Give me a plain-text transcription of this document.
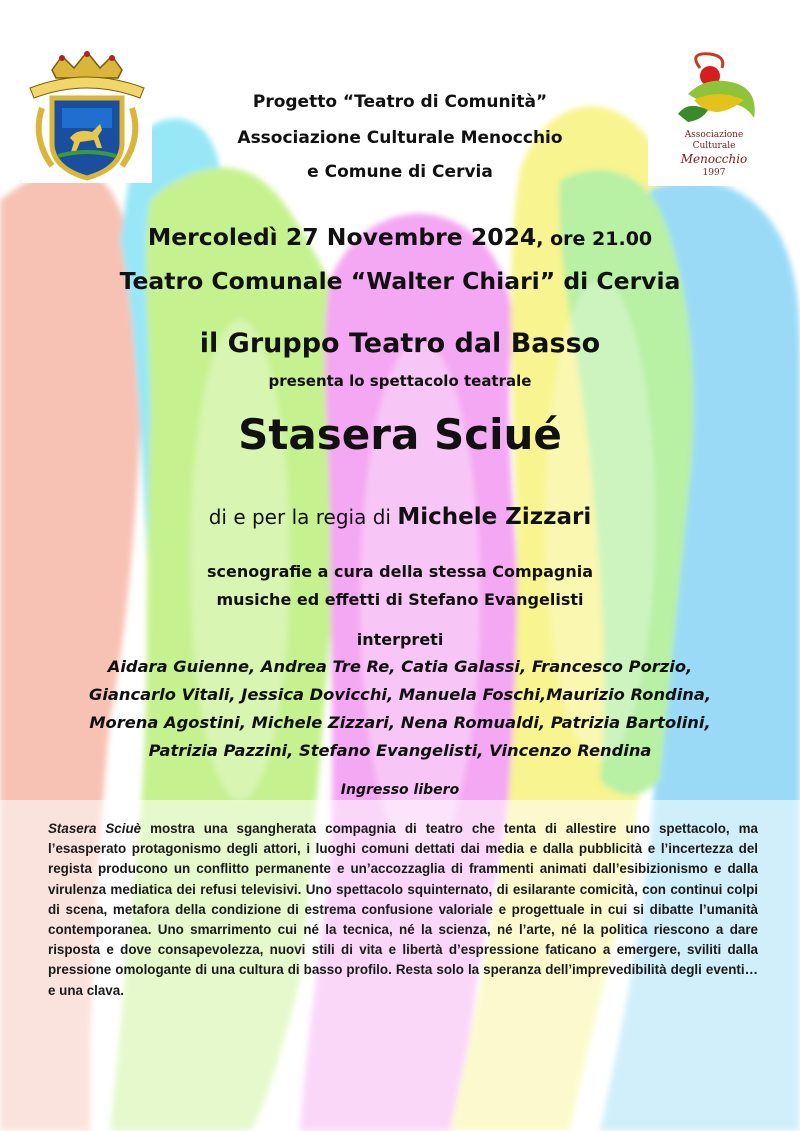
Associazione
Culturale
Menocchio
1997
Progetto “Teatro di Comunità”
Associazione Culturale Menocchio
e Comune di Cervia
Mercoledì 27 Novembre 2024, ore 21.00
Teatro Comunale “Walter Chiari” di Cervia
il Gruppo Teatro dal Basso
presenta lo spettacolo teatrale
Stasera Sciué
di e per la regia di Michele Zizzari
scenografie a cura della stessa Compagnia
musiche ed effetti di Stefano Evangelisti
interpreti
Aidara Guienne, Andrea Tre Re, Catia Galassi, Francesco Porzio,
Giancarlo Vitali, Jessica Dovicchi, Manuela Foschi,Maurizio Rondina,
Morena Agostini, Michele Zizzari, Nena Romualdi, Patrizia Bartolini,
Patrizia Pazzini, Stefano Evangelisti, Vincenzo Rendina
Ingresso libero
Stasera Sciuè mostra una sgangherata compagnia di teatro che tenta di allestire uno spettacolo, ma l’esasperato protagonismo degli attori, i luoghi comuni dettati dai media e dalla pubblicità e l’incertezza del regista producono un conflitto permanente e un’accozzaglia di frammenti animati dall’esibizionismo e dalla virulenza mediatica dei refusi televisivi. Uno spettacolo squinternato, di esilarante comicità, con continui colpi di scena, metafora della condizione di estrema confusione valoriale e progettuale in cui si dibatte l’umanità contemporanea. Uno smarrimento cui né la tecnica, né la scienza, né l’arte, né la politica riescono a dare risposta e dove consapevolezza, nuovi stili di vita e libertà d’espressione faticano a emergere, sviliti dalla pressione omologante di una cultura di basso profilo. Resta solo la speranza dell’imprevedibilità degli eventi… e una clava.
